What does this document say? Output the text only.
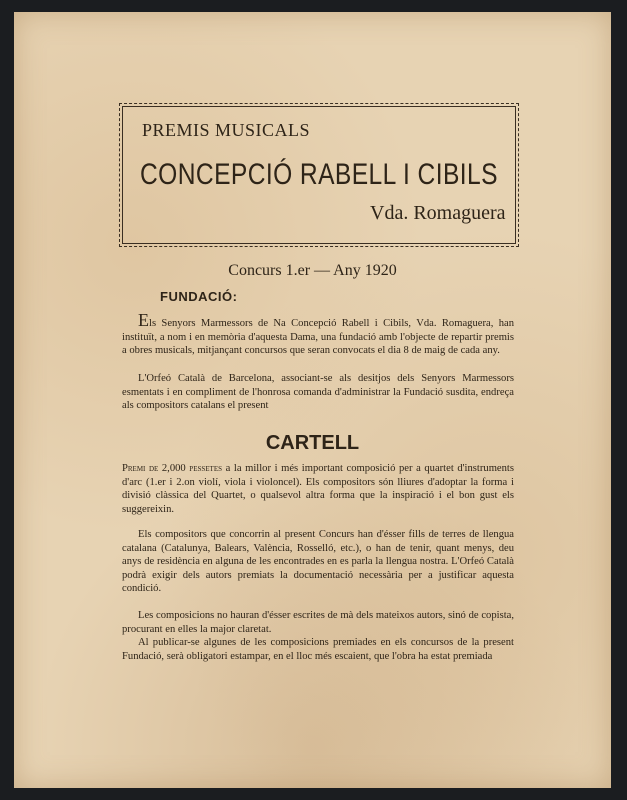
PREMIS MUSICALS
CONCEPCIÓ RABELL I CIBILS
Vda. Romaguera
Concurs 1.er — Any 1920
FUNDACIÓ:
Els Senyors Marmessors de Na Concepció Rabell i Cibils, Vda. Romaguera, han instituït, a nom i en memòria d'aquesta Dama, una fundació amb l'objecte de repartir premis a obres musicals, mitjançant concursos que seran convocats el dia 8 de maig de cada any.
L'Orfeó Català de Barcelona, associant-se als desitjos dels Senyors Marmessors esmentats i en compliment de l'honrosa comanda d'administrar la Fundació susdita, endreça als compositors catalans el present
CARTELL
Premi de 2,000 pessetes a la millor i més important composició per a quartet d'instruments d'arc (1.er i 2.on violí, viola i violoncel). Els compositors són lliures d'adoptar la forma i divisió clàssica del Quartet, o qualsevol altra forma que la inspiració i el bon gust els suggereixin.
Els compositors que concorrin al present Concurs han d'ésser fills de terres de llengua catalana (Catalunya, Balears, València, Rosselló, etc.), o han de tenir, quant menys, deu anys de residència en alguna de les encontrades en es parla la llengua nostra. L'Orfeó Català podrà exigir dels autors premiats la documentació necessària per a justificar aquesta condició.
Les composicions no hauran d'ésser escrites de mà dels mateixos autors, sinó de copista, procurant en elles la major claretat.
Al publicar-se algunes de les composicions premiades en els concursos de la present Fundació, serà obligatori estampar, en el lloc més escaient, que l'obra ha estat premiada
